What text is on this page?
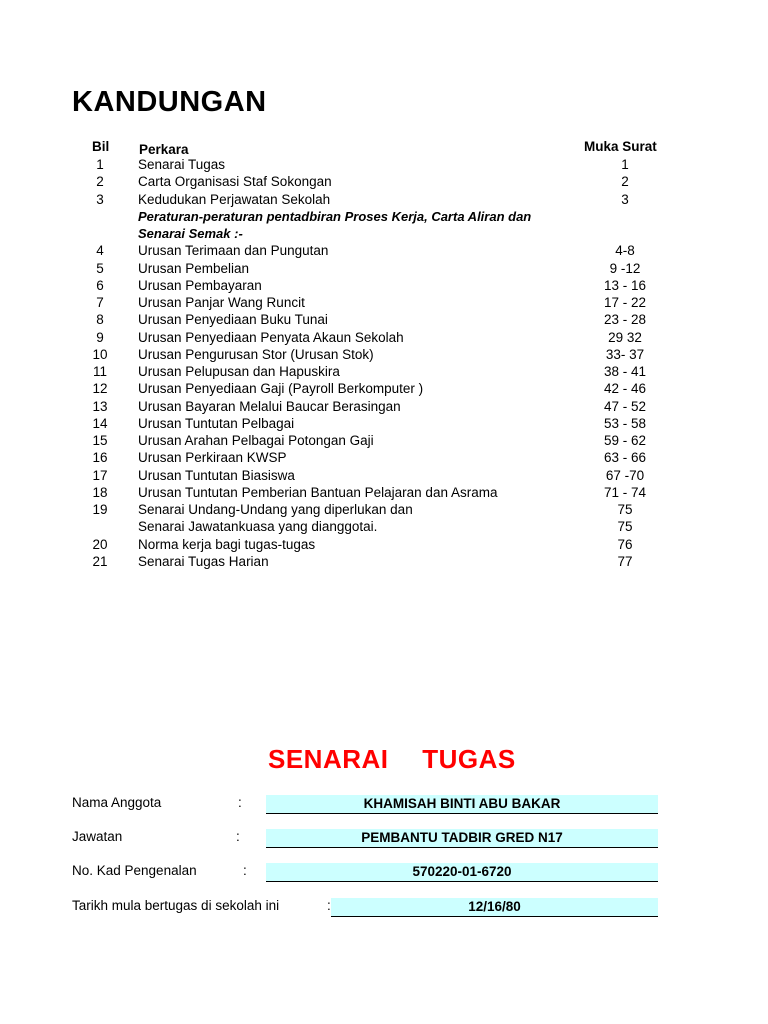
KANDUNGAN
Bil Perkara	Muka Surat
1	Senarai Tugas	1
2	Carta Organisasi Staf Sokongan	2
3	Kedudukan Perjawatan Sekolah	3
Peraturan-peraturan pentadbiran Proses Kerja, Carta Aliran dan
Senarai Semak :-
4	Urusan Terimaan dan Pungutan	4-8
5	Urusan Pembelian	9 -12
6	Urusan Pembayaran	13 - 16
7	Urusan Panjar Wang Runcit	17 - 22
8	Urusan Penyediaan Buku Tunai	23 - 28
9	Urusan Penyediaan Penyata Akaun Sekolah	29 32
10	Urusan Pengurusan Stor (Urusan Stok)	33- 37
11	Urusan Pelupusan dan Hapuskira	38 - 41
12	Urusan Penyediaan Gaji (Payroll Berkomputer )	42 - 46
13	Urusan Bayaran Melalui Baucar Berasingan	47 - 52
14	Urusan Tuntutan Pelbagai	53 - 58
15	Urusan Arahan Pelbagai Potongan Gaji	59 - 62
16	Urusan Perkiraan KWSP	63 - 66
17	Urusan Tuntutan Biasiswa	67 -70
18	Urusan Tuntutan Pemberian Bantuan Pelajaran dan Asrama	71 - 74
19	Senarai Undang-Undang yang diperlukan dan	75
Senarai Jawatankuasa yang dianggotai.	75
20	Norma kerja bagi tugas-tugas	76
21	Senarai Tugas Harian	77
SENARAI TUGAS
Nama Anggota	:	KHAMISAH BINTI ABU BAKAR
Jawatan	:	PEMBANTU TADBIR GRED N17
No. Kad Pengenalan	:	570220-01-6720
Tarikh mula bertugas di sekolah ini	:	12/16/80
